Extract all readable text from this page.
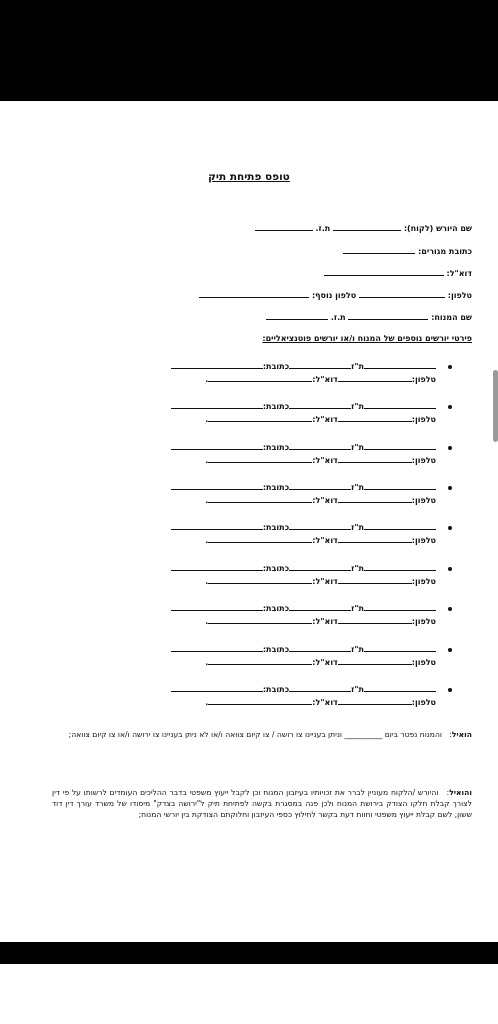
טופס פתיחת תיק
שם היורש (לקוח):  ת.ז.
כתובת מגורים:
דוא"ל:
טלפון:  טלפון נוסף:
שם המנוח:  ת.ז.
פירטי יורשים נוספים של המנוח ו/או יורשים פוטנציאליים:
ת"זכתובת:
טלפון:דוא"ל:.
ת"זכתובת:
טלפון:דוא"ל:.
ת"זכתובת:
טלפון:דוא"ל:.
ת"זכתובת:
טלפון:דוא"ל:.
ת"זכתובת:
טלפון:דוא"ל:.
ת"זכתובת:
טלפון:דוא"ל:.
ת"זכתובת:
טלפון:דוא"ל:.
ת"זכתובת:
טלפון:דוא"ל:.
ת"זכתובת:
טלפון:דוא"ל:.
הואיל:   והמנוח נפטר ביום __________ וניתן בעניינו צו רושה / צו קיום צוואה ו/או לא ניתן בעניינו צו ירושה ו/או צו קיום צוואה;
והואיל:   והיורש /הלקוח מעוניין לברר את זכויותיו בעיזבון המנוח וכן לקבל ייעוץ משפטי בדבר ההליכים העומדים לרשותו על פי דין לצורך קבלת חלקו הצודק בירושת המנוח ולכן פנה במסגרת בקשה לפתיחת תיק ל"ירושה בצדק" מיסודו של משרד עורך דין דוד ששון, לשם קבלת ייעוץ משפטי וחוות דעת בקשר לחילוץ כספי העיזבון וחלוקתם הצודקת בין יורשי המנוח;
